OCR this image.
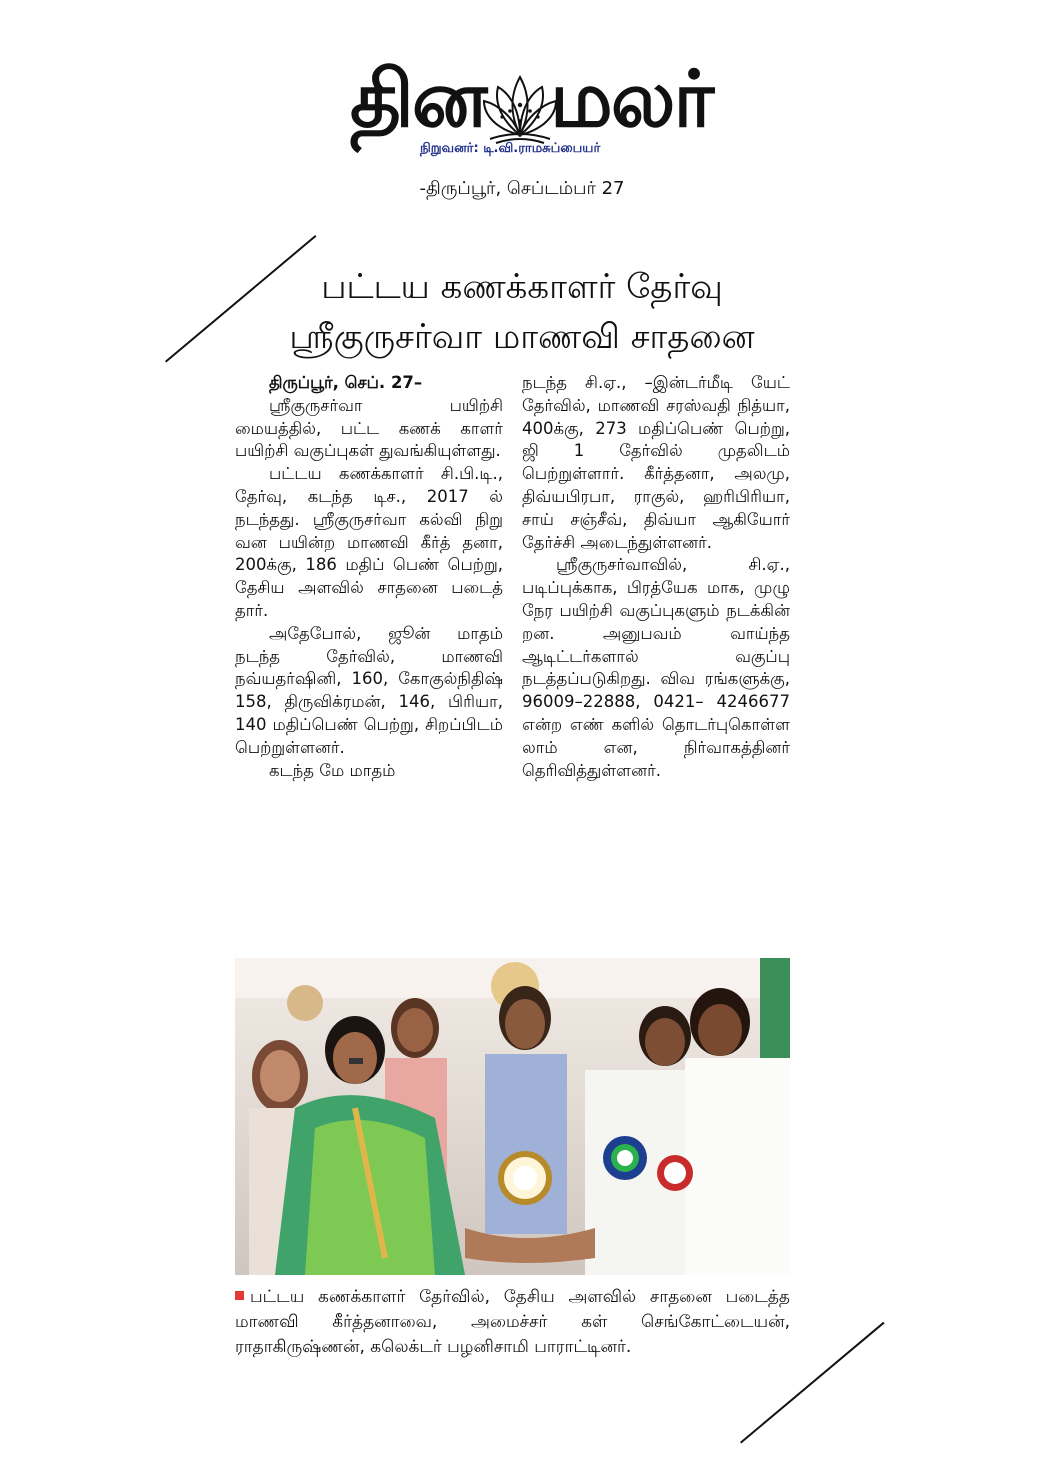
தின மலர்
நிறுவனர்: டி.வி.ராமசுப்பையர்
-திருப்பூர், செப்டம்பர் 27
பட்டய கணக்காளர் தேர்வு
ஸ்ரீகுருசர்வா மாணவி சாதனை

திருப்பூர், செப். 27–

ஸ்ரீகுருசர்வா பயிற்சி மையத்தில், பட்ட கணக் காளர் பயிற்சி வகுப்புகள் துவங்கியுள்ளது.

பட்டய கணக்காளர் சி.பி.டி., தேர்வு, கடந்த டிச., 2017 ல் நடந்தது. ஸ்ரீகுருசர்வா கல்வி நிறு வன பயின்ற மாணவி கீர்த் தனா, 200க்கு, 186 மதிப் பெண் பெற்று, தேசிய அளவில் சாதனை படைத் தார்.

அதேபோல், ஜூன் மாதம் நடந்த தேர்வில், மாணவி நவ்யதர்ஷினி, 160, கோகுல்நிதிஷ் 158, திருவிக்ரமன், 146, பிரியா, 140 மதிப்பெண் பெற்று, சிறப்பிடம் பெற்றுள்ளனர்.

கடந்த மே மாதம்

நடந்த சி.ஏ., –இன்டர்மீடி யேட் தேர்வில், மாணவி சரஸ்வதி நித்யா, 400க்கு, 273 மதிப்பெண் பெற்று, ஜி 1 தேர்வில் முதலிடம் பெற்றுள்ளார். கீர்த்தனா, அலமு, திவ்யபிரபா, ராகுல், ஹரிபிரியா, சாய் சஞ்சீவ், திவ்யா ஆகியோர் தேர்ச்சி அடைந்துள்ளனர்.

ஸ்ரீகுருசர்வாவில், சி.ஏ., படிப்புக்காக, பிரத்யேக மாக, முழு நேர பயிற்சி வகுப்புகளும் நடக்கின் றன. அனுபவம் வாய்ந்த ஆடிட்டர்களால் வகுப்பு நடத்தப்படுகிறது. விவ ரங்களுக்கு, 96009–22888, 0421– 4246677 என்ற எண் களில் தொடர்புகொள்ள லாம் என, நிர்வாகத்தினர் தெரிவித்துள்ளனர்.

பட்டய கணக்காளர் தேர்வில், தேசிய அளவில் சாதனை படைத்த மாணவி கீர்த்தனாவை, அமைச்சர் கள் செங்கோட்டையன், ராதாகிருஷ்ணன், கலெக்டர் பழனிசாமி பாராட்டினர்.
